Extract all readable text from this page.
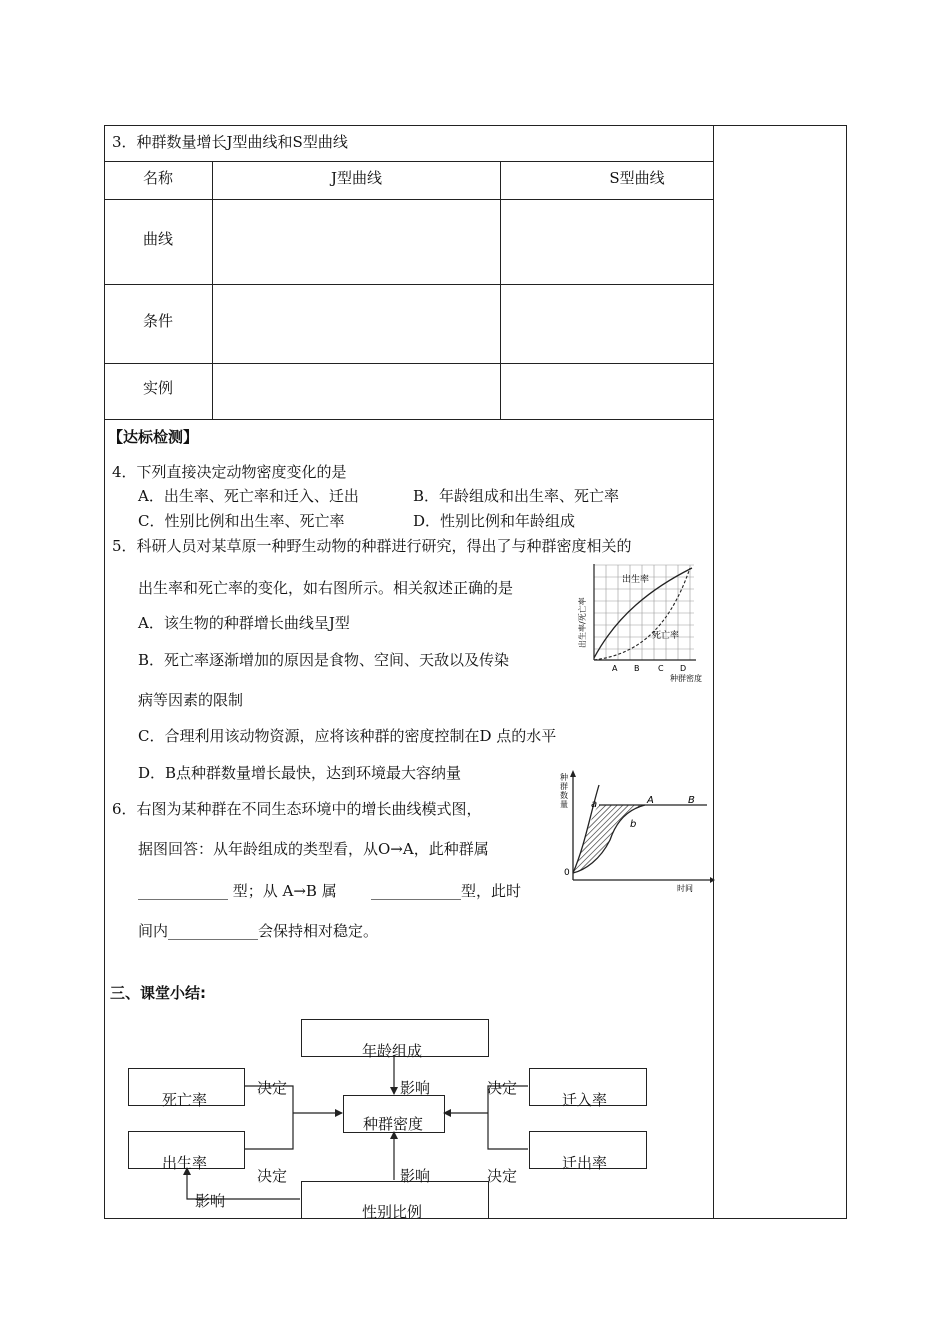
3．种群数量增长J型曲线和S型曲线
名称	J型曲线	S型曲线
曲线
条件
实例
【达标检测】
4．下列直接决定动物密度变化的是
A．出生率、死亡率和迁入、迁出	B．年龄组成和出生率、死亡率
C．性别比例和出生率、死亡率	D．性别比例和年龄组成
5．科研人员对某草原一种野生动物的种群进行研究，得出了与种群密度相关的
出生率和死亡率的变化，如右图所示。相关叙述正确的是
A．该生物的种群增长曲线呈J型
B．死亡率逐渐增加的原因是食物、空间、天敌以及传染
病等因素的限制
C．合理利用该动物资源，应将该种群的密度控制在D 点的水平
D．B点种群数量增长最快，达到环境最大容纳量
出生率
死亡率
出生率/死亡率
A B C D
种群密度
6．右图为某种群在不同生态环境中的增长曲线模式图，
据图回答：从年龄组成的类型看，从O→A，此种群属
____________ 型；从 A→B 属 ____________型，此时
间内____________会保持相对稳定。
a
b
A	B
0
时间
种
群
数
量
三、课堂小结:
年龄组成
死亡率
出生率
种群密度
迁入率
迁出率
性别比例
决定
决定
决定
决定
影响
影响
影响
